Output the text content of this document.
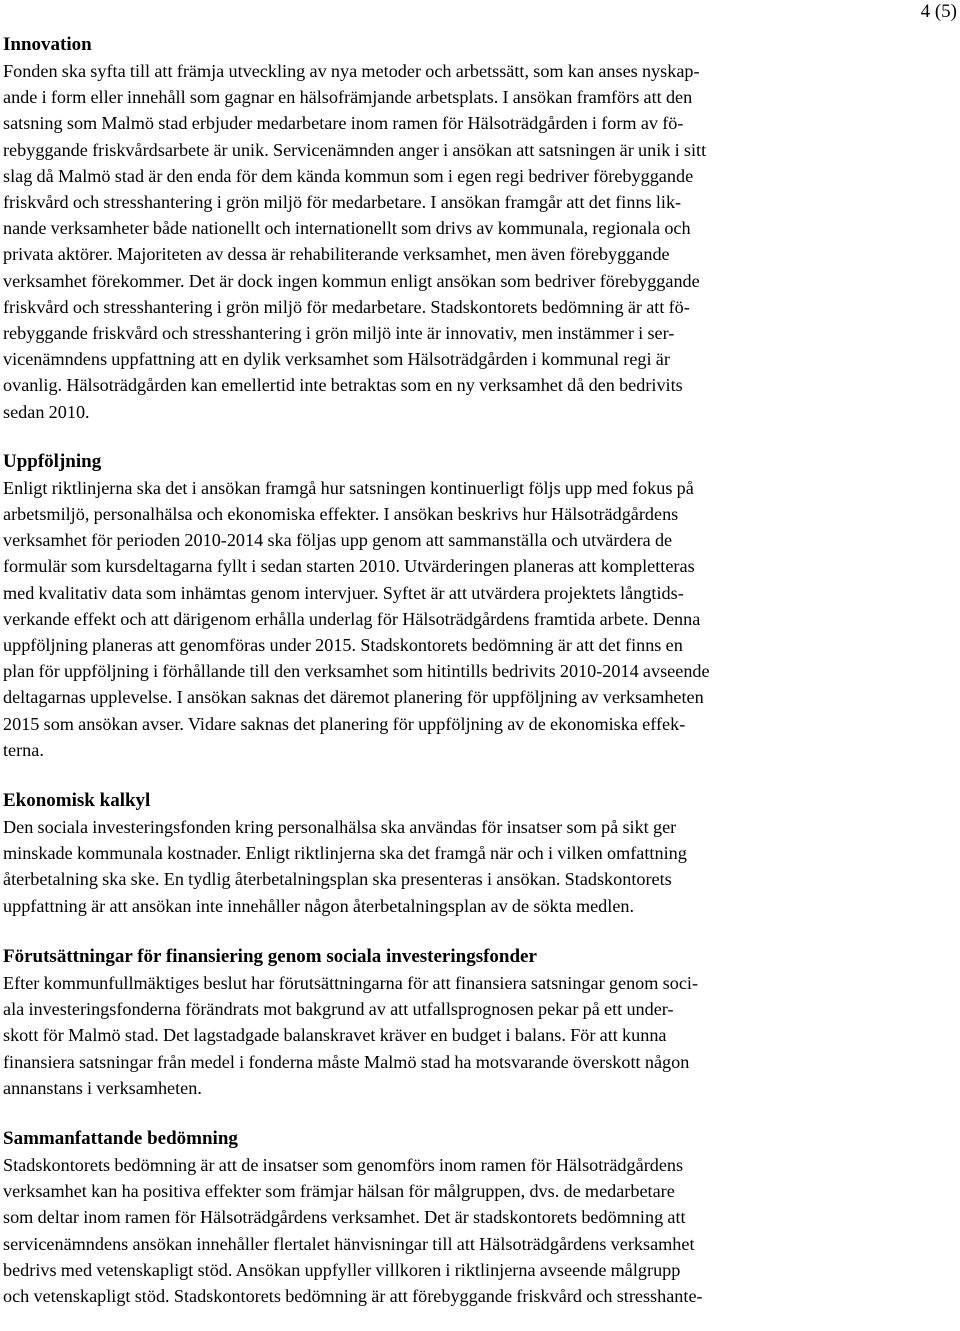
4 (5)
Innovation
Fonden ska syfta till att främja utveckling av nya metoder och arbetssätt, som kan anses nyskap-
ande i form eller innehåll som gagnar en hälsofrämjande arbetsplats. I ansökan framförs att den
satsning som Malmö stad erbjuder medarbetare inom ramen för Hälsoträdgården i form av fö-
rebyggande friskvårdsarbete är unik. Servicenämnden anger i ansökan att satsningen är unik i sitt
slag då Malmö stad är den enda för dem kända kommun som i egen regi bedriver förebyggande
friskvård och stresshantering i grön miljö för medarbetare. I ansökan framgår att det finns lik-
nande verksamheter både nationellt och internationellt som drivs av kommunala, regionala och
privata aktörer. Majoriteten av dessa är rehabiliterande verksamhet, men även förebyggande
verksamhet förekommer. Det är dock ingen kommun enligt ansökan som bedriver förebyggande
friskvård och stresshantering i grön miljö för medarbetare. Stadskontorets bedömning är att fö-
rebyggande friskvård och stresshantering i grön miljö inte är innovativ, men instämmer i ser-
vicenämndens uppfattning att en dylik verksamhet som Hälsoträdgården i kommunal regi är
ovanlig. Hälsoträdgården kan emellertid inte betraktas som en ny verksamhet då den bedrivits
sedan 2010.
Uppföljning
Enligt riktlinjerna ska det i ansökan framgå hur satsningen kontinuerligt följs upp med fokus på
arbetsmiljö, personalhälsa och ekonomiska effekter. I ansökan beskrivs hur Hälsoträdgårdens
verksamhet för perioden 2010-2014 ska följas upp genom att sammanställa och utvärdera de
formulär som kursdeltagarna fyllt i sedan starten 2010. Utvärderingen planeras att kompletteras
med kvalitativ data som inhämtas genom intervjuer. Syftet är att utvärdera projektets långtids-
verkande effekt och att därigenom erhålla underlag för Hälsoträdgårdens framtida arbete. Denna
uppföljning planeras att genomföras under 2015. Stadskontorets bedömning är att det finns en
plan för uppföljning i förhållande till den verksamhet som hitintills bedrivits 2010-2014 avseende
deltagarnas upplevelse. I ansökan saknas det däremot planering för uppföljning av verksamheten
2015 som ansökan avser. Vidare saknas det planering för uppföljning av de ekonomiska effek-
terna.
Ekonomisk kalkyl
Den sociala investeringsfonden kring personalhälsa ska användas för insatser som på sikt ger
minskade kommunala kostnader. Enligt riktlinjerna ska det framgå när och i vilken omfattning
återbetalning ska ske. En tydlig återbetalningsplan ska presenteras i ansökan. Stadskontorets
uppfattning är att ansökan inte innehåller någon återbetalningsplan av de sökta medlen.
Förutsättningar för finansiering genom sociala investeringsfonder
Efter kommunfullmäktiges beslut har förutsättningarna för att finansiera satsningar genom soci-
ala investeringsfonderna förändrats mot bakgrund av att utfallsprognosen pekar på ett under-
skott för Malmö stad. Det lagstadgade balanskravet kräver en budget i balans. För att kunna
finansiera satsningar från medel i fonderna måste Malmö stad ha motsvarande överskott någon
annanstans i verksamheten.
Sammanfattande bedömning
Stadskontorets bedömning är att de insatser som genomförs inom ramen för Hälsoträdgårdens
verksamhet kan ha positiva effekter som främjar hälsan för målgruppen, dvs. de medarbetare
som deltar inom ramen för Hälsoträdgårdens verksamhet. Det är stadskontorets bedömning att
servicenämndens ansökan innehåller flertalet hänvisningar till att Hälsoträdgårdens verksamhet
bedrivs med vetenskapligt stöd. Ansökan uppfyller villkoren i riktlinjerna avseende målgrupp
och vetenskapligt stöd. Stadskontorets bedömning är att förebyggande friskvård och stresshante-
